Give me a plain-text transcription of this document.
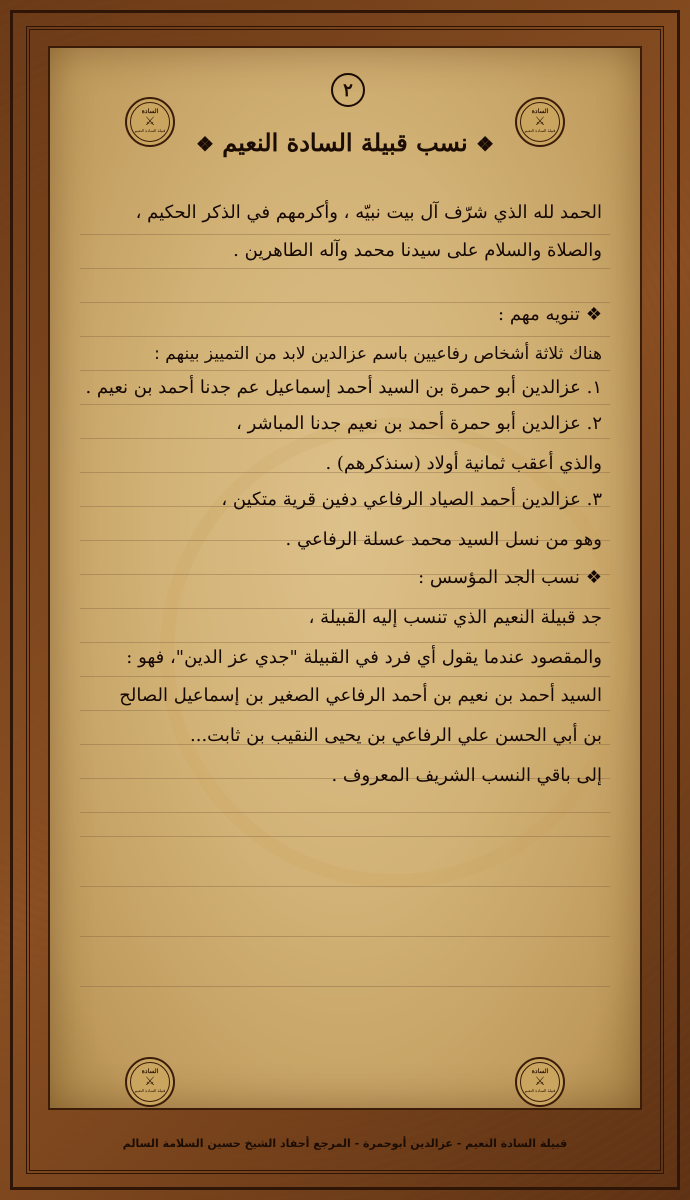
السادة
⚔
قبيلة السادة النعيم
السادة
⚔
قبيلة السادة النعيم
السادة
⚔
قبيلة السادة النعيم
السادة
⚔
قبيلة السادة النعيم
٢
❖ نسب قبيلة السادة النعيم ❖
الحمد لله الذي شرّف آل بيت نبيّه ، وأكرمهم في الذكر الحكيم ،
والصلاة والسلام على سيدنا محمد وآله الطاهرين .
❖تنويه مهم :
هناك ثلاثة أشخاص رفاعيين باسم عزالدين لابد من التمييز بينهم :
١. عزالدين أبو حمرة بن السيد أحمد إسماعيل عم جدنا أحمد بن نعيم .
٢. عزالدين أبو حمرة أحمد بن نعيم جدنا المباشر ،
والذي أعقب ثمانية أولاد (سنذكرهم) .
٣. عزالدين أحمد الصياد الرفاعي دفين قرية متكين ،
وهو من نسل السيد محمد عسلة الرفاعي .
❖نسب الجد المؤسس :
جد قبيلة النعيم الذي تنسب إليه القبيلة ،
والمقصود عندما يقول أي فرد في القبيلة "جدي عز الدين"، فهو :
السيد أحمد بن نعيم بن أحمد الرفاعي الصغير بن إسماعيل الصالح
بن أبي الحسن علي الرفاعي بن يحيى النقيب بن ثابت...
إلى باقي النسب الشريف المعروف .
قبيلة السادة النعيم - عزالدين أبوحمرة - المرجع أحفاد الشيخ حسين السلامة السالم
